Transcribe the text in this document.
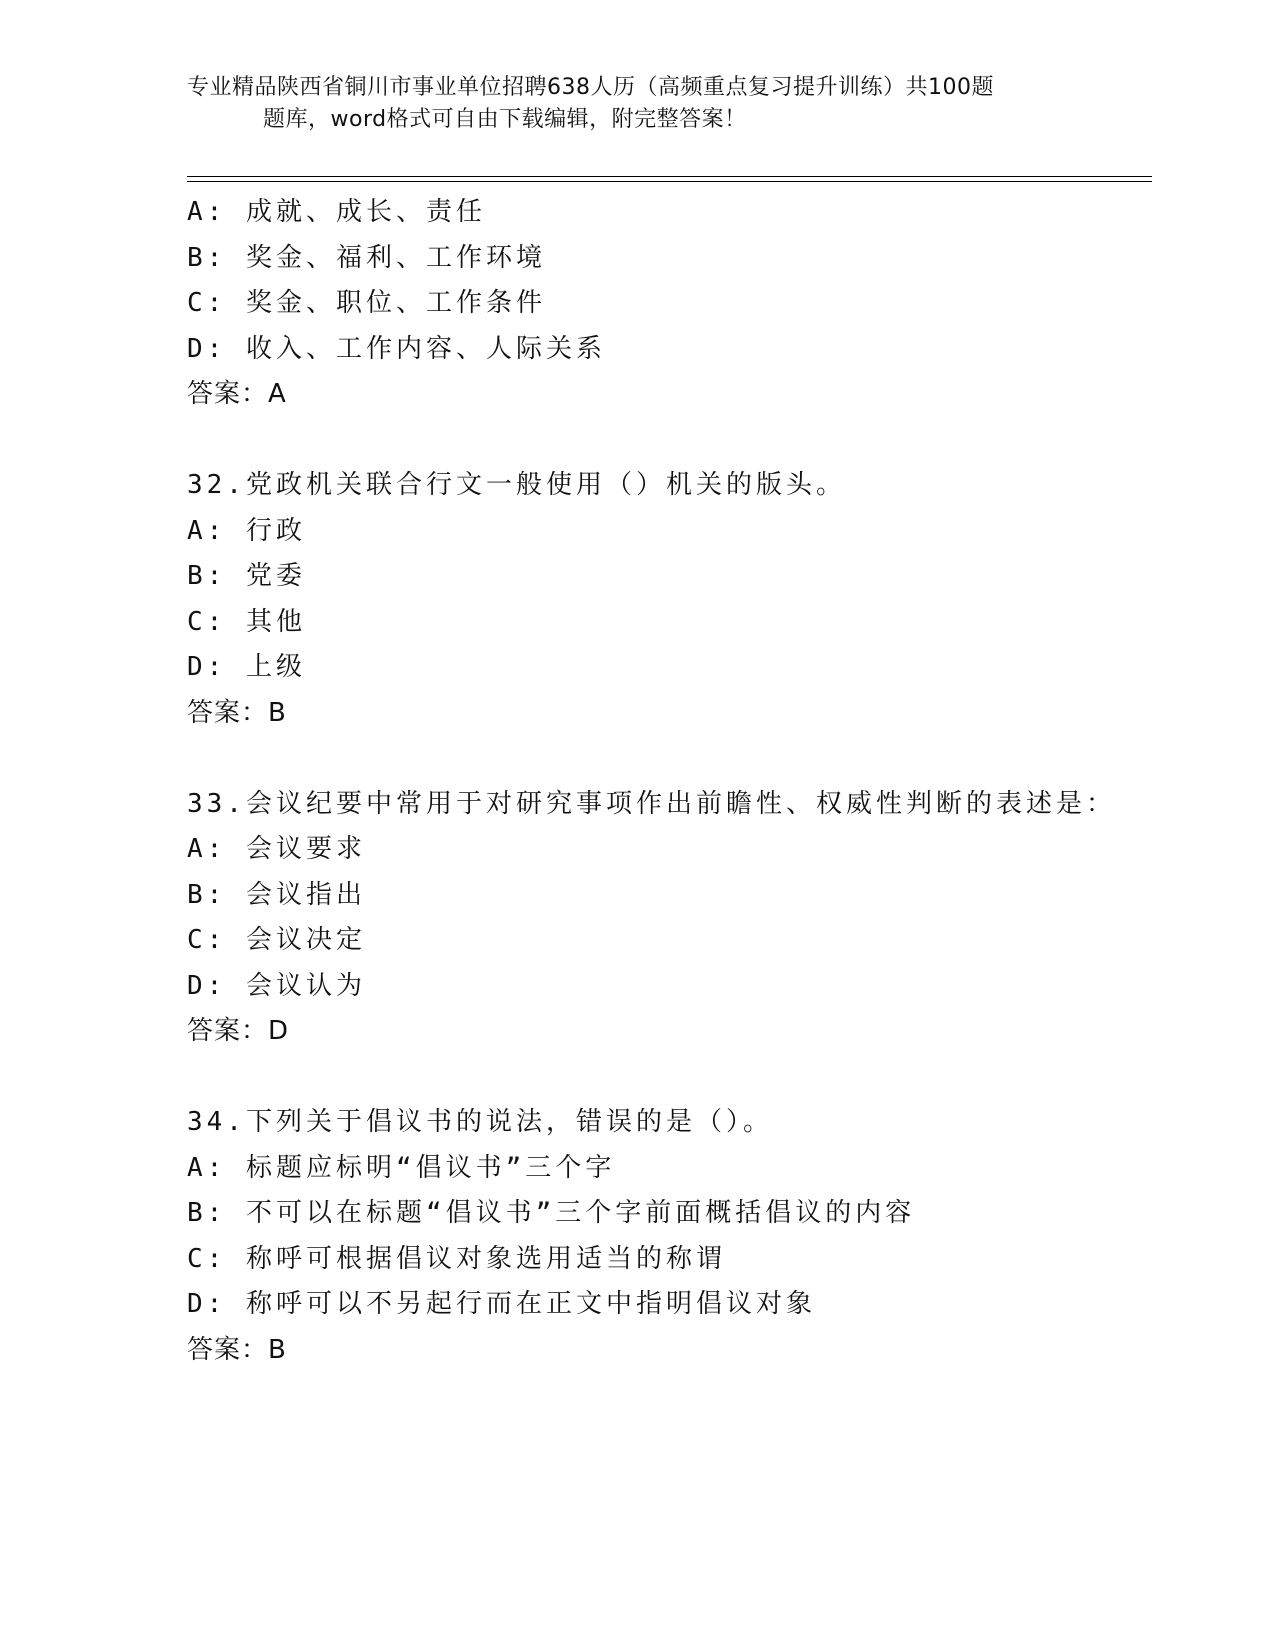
专业精品陕西省铜川市事业单位招聘638人历（高频重点复习提升训练）共100题
题库，word格式可自由下载编辑，附完整答案！
A: 成就、成长、责任
B: 奖金、福利、工作环境
C: 奖金、职位、工作条件
D: 收入、工作内容、人际关系
答案：A
32.党政机关联合行文一般使用（）机关的版头。
A: 行政
B: 党委
C: 其他
D: 上级
答案：B
33.会议纪要中常用于对研究事项作出前瞻性、权威性判断的表述是：
A: 会议要求
B: 会议指出
C: 会议决定
D: 会议认为
答案：D
34.下列关于倡议书的说法，错误的是（）。
A: 标题应标明“倡议书”三个字
B: 不可以在标题“倡议书”三个字前面概括倡议的内容
C: 称呼可根据倡议对象选用适当的称谓
D: 称呼可以不另起行而在正文中指明倡议对象
答案：B
